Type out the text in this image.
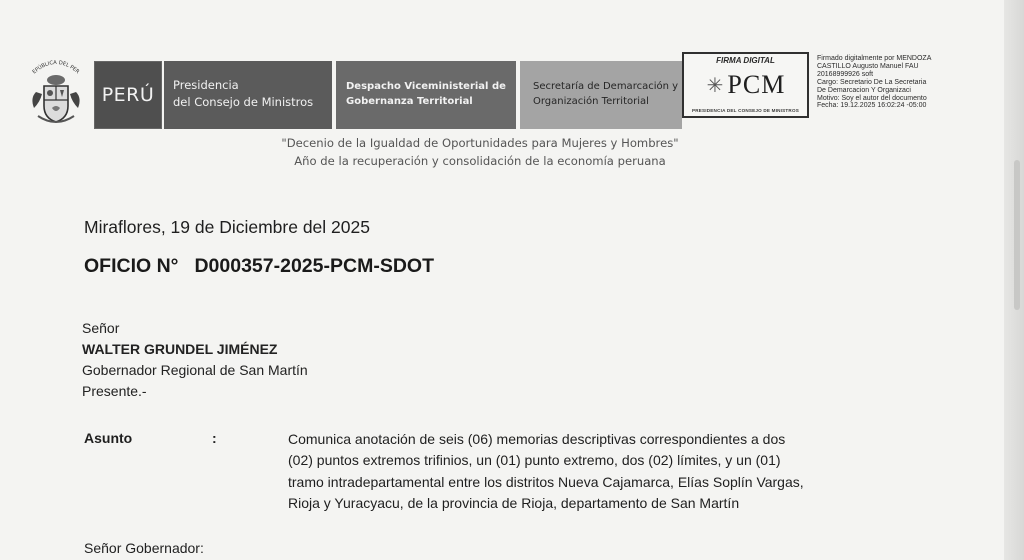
EPÚBLICA DEL PER
PERÚ Presidencia
del Consejo de Ministros
Despacho Viceministerial de
Gobernanza Territorial
Secretaría de Demarcación y
Organización Territorial
FIRMA DIGITAL
✳ PCM
PRESIDENCIA DEL CONSEJO DE MINISTROS
Firmado digitalmente por MENDOZA
CASTILLO Augusto Manuel FAU
20168999926 soft
Cargo: Secretario De La Secretaria
De Demarcacion Y Organizaci
Motivo: Soy el autor del documento
Fecha: 19.12.2025 16:02:24 -05:00
"Decenio de la Igualdad de Oportunidades para Mujeres y Hombres"
Año de la recuperación y consolidación de la economía peruana
Miraflores, 19 de Diciembre del 2025
OFICIO N° D000357-2025-PCM-SDOT
Señor
WALTER GRUNDEL JIMÉNEZ
Gobernador Regional de San Martín
Presente.-
Asunto	:	Comunica anotación de seis (06) memorias descriptivas correspondientes a dos
(02) puntos extremos trifinios, un (01) punto extremo, dos (02) límites, y un (01)
tramo intradepartamental entre los distritos Nueva Cajamarca, Elías Soplín Vargas,
Rioja y Yuracyacu, de la provincia de Rioja, departamento de San Martín
Señor Gobernador:
